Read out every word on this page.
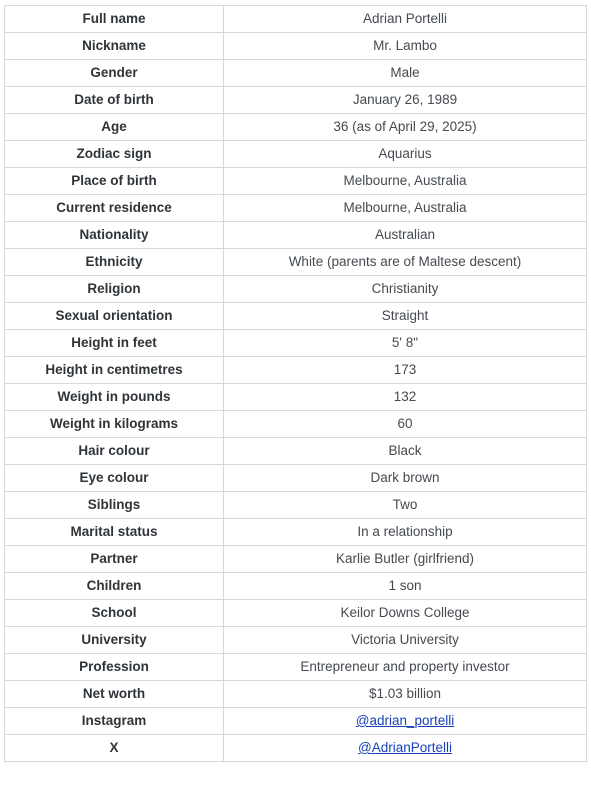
Full name	Adrian Portelli
Nickname	Mr. Lambo
Gender	Male
Date of birth	January 26, 1989
Age	36 (as of April 29, 2025)
Zodiac sign	Aquarius
Place of birth	Melbourne, Australia
Current residence	Melbourne, Australia
Nationality	Australian
Ethnicity	White (parents are of Maltese descent)
Religion	Christianity
Sexual orientation	Straight
Height in feet	5' 8"
Height in centimetres	173
Weight in pounds	132
Weight in kilograms	60
Hair colour	Black
Eye colour	Dark brown
Siblings	Two
Marital status	In a relationship
Partner	Karlie Butler (girlfriend)
Children	1 son
School	Keilor Downs College
University	Victoria University
Profession	Entrepreneur and property investor
Net worth	$1.03 billion
Instagram	@adrian_portelli
X	@AdrianPortelli
